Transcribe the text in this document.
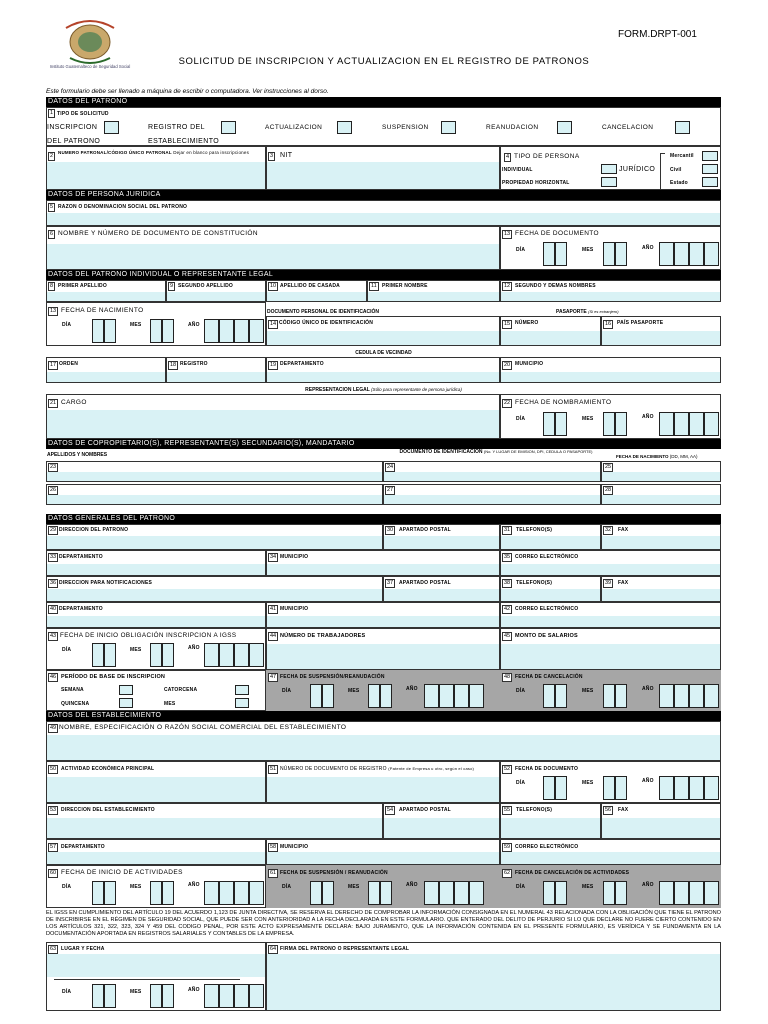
Instituto Guatemalteco de Seguridad Social
FORM.DRPT-001
SOLICITUD DE INSCRIPCION Y ACTUALIZACION EN EL REGISTRO DE PATRONOS
Este formulario debe ser llenado a máquina de escribir o computadora. Ver instrucciones al dorso.
DATOS DEL PATRONO
1 TIPO DE SOLICITUD
INSCRIPCION
DEL PATRONO
REGISTRO DEL
ESTABLECIMIENTO
ACTUALIZACION	SUSPENSION	REANUDACION	CANCELACION
2
NUMERO PATRONAL/CÓDIGO ÚNICO PATRONAL Dejar en blanco para inscripciones
3 NIT	4 TIPO DE PERSONA
INDIVIDUAL	JURÍDICO
PROPIEDAD HORIZONTAL
Mercantil
Civil
Estado
DATOS DE PERSONA JURIDICA
5 RAZON O DENOMINACION SOCIAL DEL PATRONO
6 NOMBRE Y NÚMERO DE DOCUMENTO DE CONSTITUCIÓN	13 FECHA DE DOCUMENTO
DÍA	MES	AÑO
DATOS DEL PATRONO INDIVIDUAL O REPRESENTANTE LEGAL
8 PRIMER APELLIDO	9 SEGUNDO APELLIDO	10 APELLIDO DE CASADA	11	PRIMER NOMBRE	12 SEGUNDO Y DEMAS NOMBRES
13 FECHA DE NACIMIENTO
DÍA	MES	AÑO
DOCUMENTO PERSONAL DE IDENTIFICACIÓN	PASAPORTE (Si es extranjero)
14 CÓDIGO ÚNICO DE IDENTIFICACIÓN	15 NÚMERO	16	PAÍS PASAPORTE
CEDULA DE VECINDAD
17 ORDEN	18 REGISTRO	19 DEPARTAMENTO	20 MUNICIPIO
REPRESENTACION LEGAL (Sólo para representante de persona jurídica)
21 CARGO	22 FECHA DE NOMBRAMIENTO
DÍA	MES	AÑO
DATOS DE COPROPIETARIO(S), REPRESENTANTE(S) SECUNDARIO(S), MANDATARIO
APELLIDOS Y NOMBRES	DOCUMENTO DE IDENTIFICACIÓN (No. Y LUGAR DE EMISION, DPI, CEDULA O PASAPORTE)
FECHA DE NACIMIENTO (DD, MM, AA)
23	24	25
26	27	28
DATOS GENERALES DEL PATRONO
29 DIRECCION DEL PATRONO	30	APARTADO POSTAL	31	TELEFONO(S)	32	FAX
33 DEPARTAMENTO	34 MUNICIPIO	35 CORREO ELECTRÓNICO
36 DIRECCION PARA NOTIFICACIONES	37	APARTADO POSTAL	38	TELEFONO(S)	39	FAX
40 DEPARTAMENTO	41 MUNICIPIO	42 CORREO ELECTRÓNICO
43 FECHA DE INICIO OBLIGACIÓN INSCRIPCION A IGSS
DÍA	MES	AÑO
44 NÚMERO DE TRABAJADORES	45 MONTO DE SALARIOS
46 PERÍODO DE BASE DE INSCRIPCION
SEMANA	CATORCENA
QUINCENA	MES
47 FECHA DE SUSPENSIÓN/REANUDACIÓN
DÍA	MES	AÑO
48 FECHA DE CANCELACIÓN
DÍA	MES	AÑO
DATOS DEL ESTABLECIMIENTO
49 NOMBRE, ESPECIFICACIÓN O RAZÓN SOCIAL COMERCIAL DEL ESTABLECIMIENTO
50 ACTIVIDAD ECONÓMICA PRINCIPAL	51 NÚMERO DE DOCUMENTO DE REGISTRO (Patente de Empresa u otro, según el caso)	52 FECHA DE DOCUMENTO
DÍA	MES	AÑO
53 DIRECCION DEL ESTABLECIMIENTO	54	APARTADO POSTAL	55	TELEFONO(S)	56	FAX
57 DEPARTAMENTO	58 MUNICIPIO	59 CORREO ELECTRÓNICO
60 FECHA DE INICIO DE ACTIVIDADES
DÍA	MES	AÑO
61 FECHA DE SUSPENSIÓN / REANUDACIÓN
DÍA	MES	AÑO
62 FECHA DE CANCELACIÓN DE ACTIVIDADES
DÍA	MES	AÑO
EL IGSS EN CUMPLIMIENTO DEL ARTÍCULO 19 DEL ACUERDO 1,123 DE JUNTA DIRECTIVA, SE RESERVA EL DERECHO DE COMPROBAR LA INFORMACIÓN CONSIGNADA EN EL NUMERAL 43 RELACIONADA CON LA OBLIGACIÓN QUE TIENE EL PATRONO DE INSCRIBIRSE EN EL RÉGIMEN DE SEGURIDAD SOCIAL, QUE PUEDE SER CON ANTERIORIDAD A LA FECHA DECLARADA EN ESTE FORMULARIO. QUE ENTERADO DEL DELITO DE PERJURIO SI LO QUE DECLARE NO FUERE CIERTO CONTENIDO EN LOS ARTÍCULOS 321, 322, 323, 324 Y 459 DEL CODIGO PENAL, POR ESTE ACTO EXPRESAMENTE DECLARA: BAJO JURAMENTO, QUE LA INFORMACIÓN CONTENIDA EN EL PRESENTE FORMULARIO, ES VERÍDICA Y SE FUNDAMENTA EN LA DOCUMENTACIÓN APORTADA EN REGISTROS SALARIALES Y CONTABLES DE LA EMPRESA.
63 LUGAR Y FECHA
DÍA	MES	AÑO
64 FIRMA DEL PATRONO O REPRESENTANTE LEGAL
